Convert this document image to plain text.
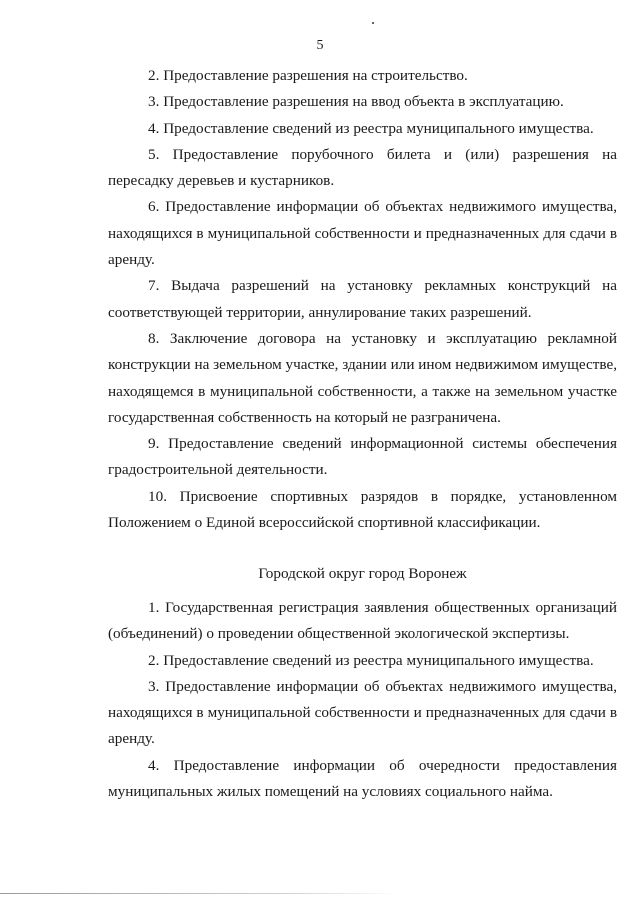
5

2. Предоставление разрешения на строительство.

3. Предоставление разрешения на ввод объекта в эксплуатацию.

4. Предоставление сведений из реестра муниципального имущества.

5. Предоставление порубочного билета и (или) разрешения на пересадку деревьев и кустарников.

6. Предоставление информации об объектах недвижимого имущества, находящихся в муниципальной собственности и предназначенных для сдачи в аренду.

7. Выдача разрешений на установку рекламных конструкций на соответствующей территории, аннулирование таких разрешений.

8. Заключение договора на установку и эксплуатацию рекламной конструкции на земельном участке, здании или ином недвижимом имуществе, находящемся в муниципальной собственности, а также на земельном участке государственная собственность на который не разграничена.

9. Предоставление сведений информационной системы обеспечения градостроительной деятельности.

10. Присвоение спортивных разрядов в порядке, установленном Положением о Единой всероссийской спортивной классификации.

Городской округ город Воронеж

1. Государственная регистрация заявления общественных организаций (объединений) о проведении общественной экологической экспертизы.

2. Предоставление сведений из реестра муниципального имущества.

3. Предоставление информации об объектах недвижимого имущества, находящихся в муниципальной собственности и предназначенных для сдачи в аренду.

4. Предоставление информации об очередности предоставления муниципальных жилых помещений на условиях социального найма.
